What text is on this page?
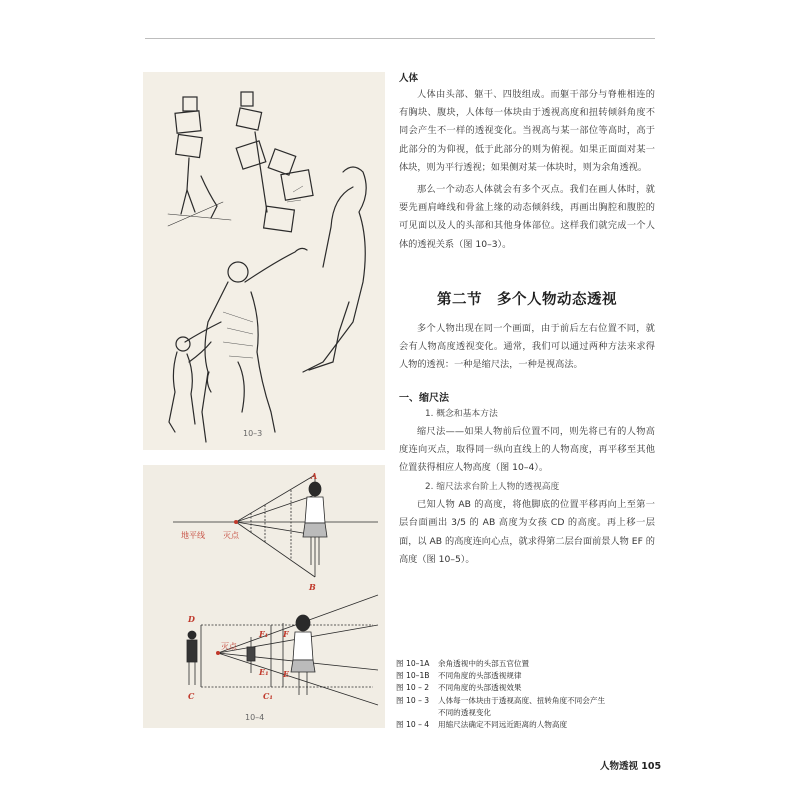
10–3
地平线 灭点
A
B
灭点
D
C
F₁
E₁
C₁
F
E
10–4
人体

人体由头部、躯干、四肢组成。而躯干部分与脊椎相连的有胸块、腹块，人体每一体块由于透视高度和扭转倾斜角度不同会产生不一样的透视变化。当视高与某一部位等高时，高于此部分的为仰视，低于此部分的则为俯视。如果正面面对某一体块，则为平行透视；如果侧对某一体块时，则为余角透视。

那么一个动态人体就会有多个灭点。我们在画人体时，就要先画肩峰线和骨盆上缘的动态倾斜线，再画出胸腔和腹腔的可见面以及人的头部和其他身体部位。这样我们就完成一个人体的透视关系（图 10–3）。

第二节　多个人物动态透视

多个人物出现在同一个画面，由于前后左右位置不同，就会有人物高度透视变化。通常，我们可以通过两种方法来求得人物的透视：一种是缩尺法，一种是视高法。

一、缩尺法
1. 概念和基本方法

缩尺法——如果人物前后位置不同，则先将已有的人物高度连向灭点，取得同一纵向直线上的人物高度，再平移至其他位置获得相应人物高度（图 10–4）。

2. 缩尺法求台阶上人物的透视高度

已知人物 AB 的高度，将他脚底的位置平移再向上至第一层台面画出 3/5 的 AB 高度为女孩 CD 的高度。再上移一层面，以 AB 的高度连向心点，就求得第二层台面前景人物 EF 的高度（图 10–5）。

图 10–1A	余角透视中的头部五官位置
图 10–1B	不同角度的头部透视规律
图 10 – 2	不同角度的头部透视效果
图 10 – 3	人体每一体块由于透视高度、扭转角度不同会产生
不同的透视变化
图 10 – 4	用缩尺法确定不同远近距离的人物高度
人物透视 105
